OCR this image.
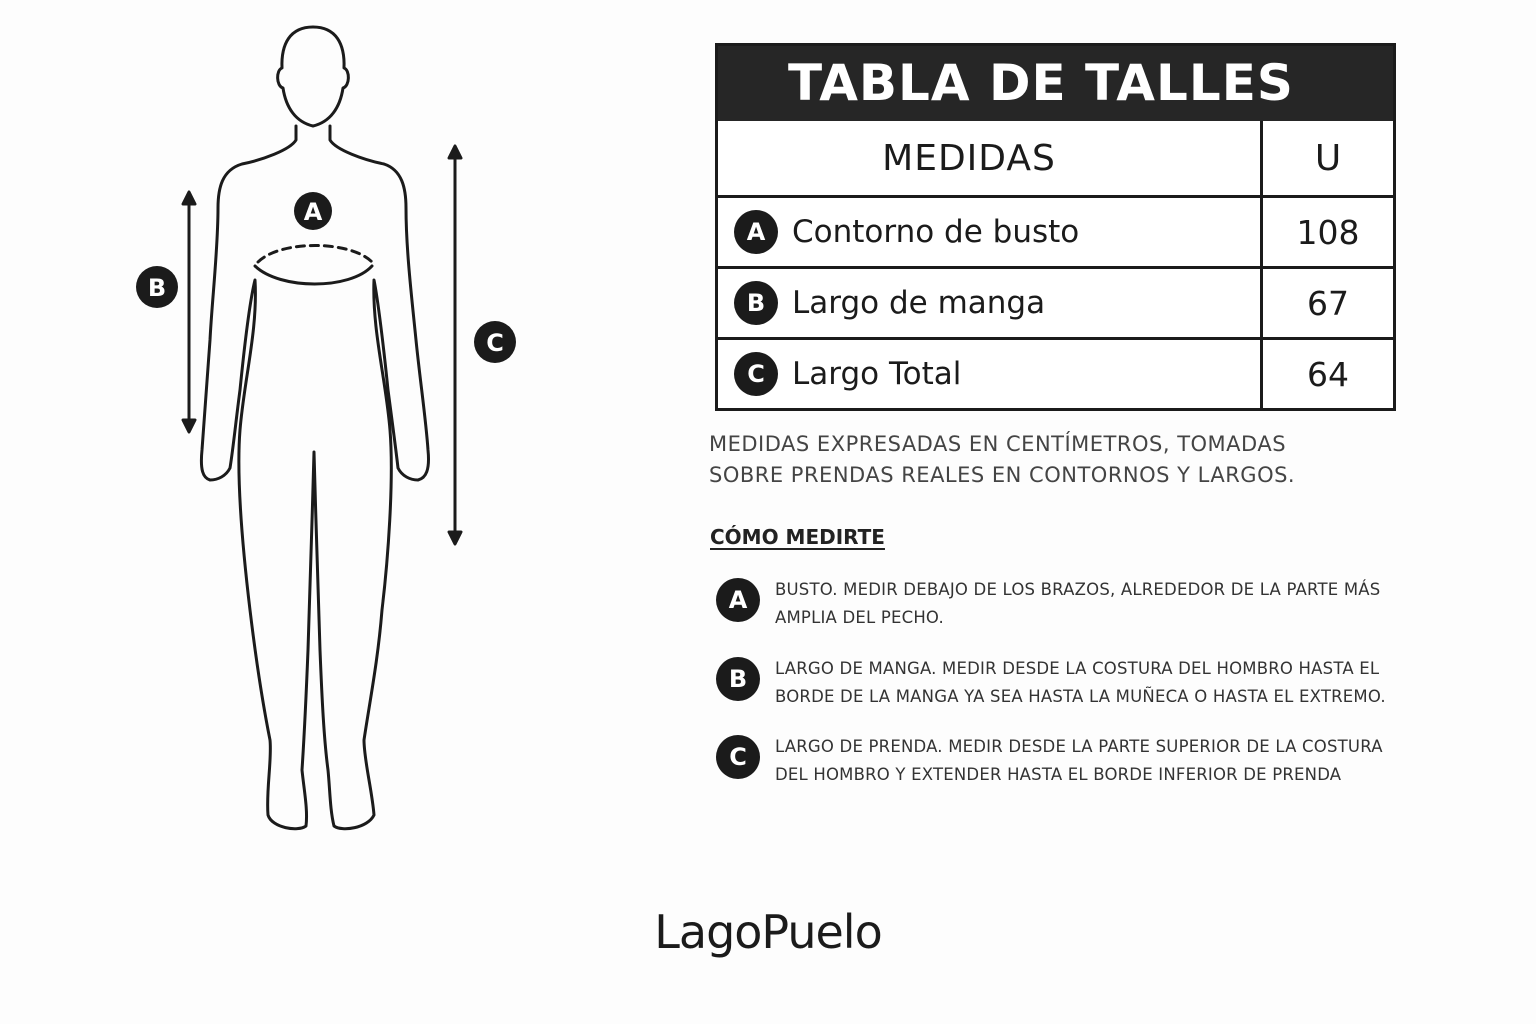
A
B
C
TABLA DE TALLES
MEDIDAS	U
A Contorno de busto	108
B Largo de manga	67
C Largo Total	64

MEDIDAS EXPRESADAS EN CENTÍMETROS, TOMADAS
SOBRE PRENDAS REALES EN CONTORNOS Y LARGOS.

CÓMO MEDIRTE
A	BUSTO. MEDIR DEBAJO DE LOS BRAZOS, ALREDEDOR DE LA PARTE MÁS
AMPLIA DEL PECHO.

B	LARGO DE MANGA. MEDIR DESDE LA COSTURA DEL HOMBRO HASTA EL
BORDE DE LA MANGA YA SEA HASTA LA MUÑECA O HASTA EL EXTREMO.

C	LARGO DE PRENDA. MEDIR DESDE LA PARTE SUPERIOR DE LA COSTURA
DEL HOMBRO Y EXTENDER HASTA EL BORDE INFERIOR DE PRENDA

LagoPuelo
